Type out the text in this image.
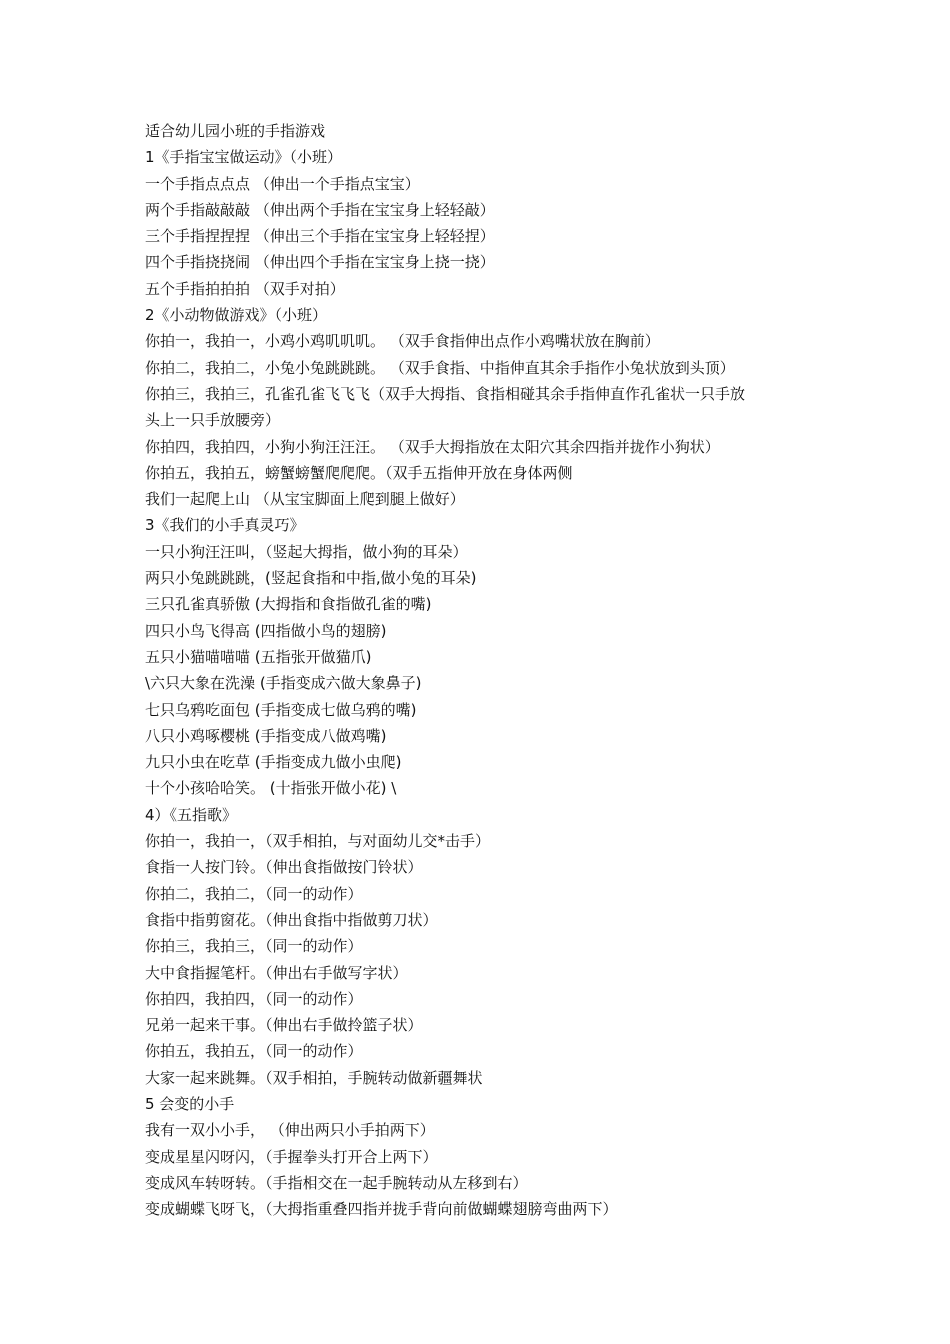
适合幼儿园小班的手指游戏
1《手指宝宝做运动》（小班）
一个手指点点点 （伸出一个手指点宝宝）
两个手指敲敲敲 （伸出两个手指在宝宝身上轻轻敲）
三个手指捏捏捏 （伸出三个手指在宝宝身上轻轻捏）
四个手指挠挠闹 （伸出四个手指在宝宝身上挠一挠）
五个手指拍拍拍 （双手对拍）
2《小动物做游戏》（小班）
你拍一，我拍一，小鸡小鸡叽叽叽。 （双手食指伸出点作小鸡嘴状放在胸前）
你拍二，我拍二，小兔小兔跳跳跳。 （双手食指、中指伸直其余手指作小兔状放到头顶）
你拍三，我拍三，孔雀孔雀飞飞飞（双手大拇指、食指相碰其余手指伸直作孔雀状一只手放
头上一只手放腰旁）
你拍四，我拍四，小狗小狗汪汪汪。 （双手大拇指放在太阳穴其余四指并拢作小狗状）
你拍五，我拍五，螃蟹螃蟹爬爬爬。（双手五指伸开放在身体两侧
我们一起爬上山 （从宝宝脚面上爬到腿上做好）
3《我们的小手真灵巧》
一只小狗汪汪叫，（竖起大拇指，做小狗的耳朵）
两只小兔跳跳跳，(竖起食指和中指,做小兔的耳朵)
三只孔雀真骄傲 (大拇指和食指做孔雀的嘴)
四只小鸟飞得高 (四指做小鸟的翅膀)
五只小猫喵喵喵 (五指张开做猫爪)
\六只大象在洗澡 (手指变成六做大象鼻子)
七只乌鸦吃面包 (手指变成七做乌鸦的嘴)
八只小鸡啄樱桃 (手指变成八做鸡嘴)
九只小虫在吃草 (手指变成九做小虫爬)
十个小孩哈哈笑。 (十指张开做小花) \
4）《五指歌》
你拍一，我拍一，（双手相拍，与对面幼儿交*击手）
食指一人按门铃。（伸出食指做按门铃状）
你拍二，我拍二，（同一的动作）
食指中指剪窗花。（伸出食指中指做剪刀状）
你拍三，我拍三，（同一的动作）
大中食指握笔杆。（伸出右手做写字状）
你拍四，我拍四，（同一的动作）
兄弟一起来干事。（伸出右手做拎篮子状）
你拍五，我拍五，（同一的动作）
大家一起来跳舞。（双手相拍，手腕转动做新疆舞状
5 会变的小手
我有一双小小手， （伸出两只小手拍两下）
变成星星闪呀闪，（手握拳头打开合上两下）
变成风车转呀转。（手指相交在一起手腕转动从左移到右）
变成蝴蝶飞呀飞，（大拇指重叠四指并拢手背向前做蝴蝶翅膀弯曲两下）
